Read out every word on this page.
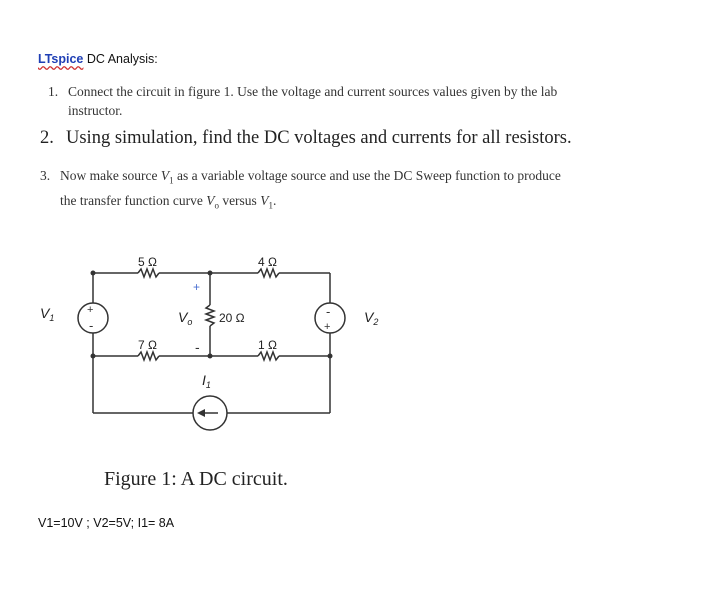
LTspice DC Analysis:
1. Connect the circuit in figure 1. Use the voltage and current sources values given by the lab
instructor.
2. Using simulation, find the DC voltages and currents for all resistors.
3. Now make source $V_1$ as a variable voltage source and use the DC Sweep function to produce
the transfer function curve $V_o$ versus $V_1$.
+
-
-
+
5 Ω	4 Ω
20 Ω
7 Ω	1 Ω
+
-
$V_1$	$V_2$
$V_o$
$I_1$
Figure 1: A DC circuit.
V1=10V ; V2=5V; I1= 8A
